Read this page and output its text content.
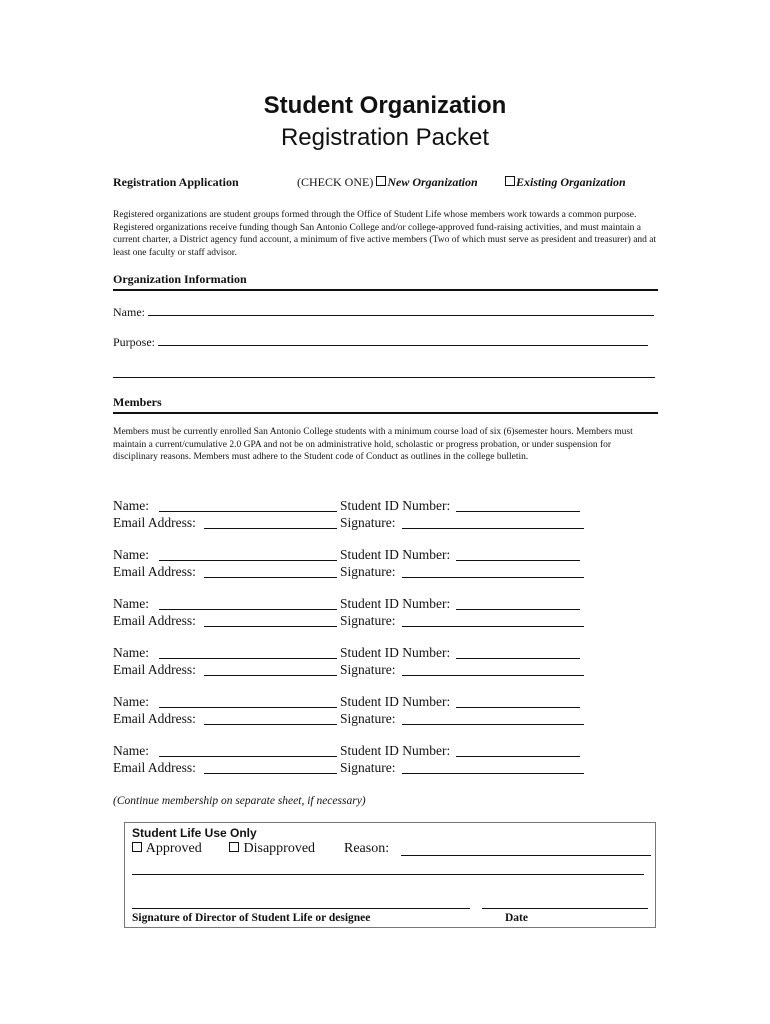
Student Organization
Registration Packet
Registration Application	(CHECK ONE) New Organization	Existing Organization
Registered organizations are student groups formed through the Office of Student Life whose members work towards a common purpose. Registered organizations receive funding though San Antonio College and/or college-approved fund-raising activities, and must maintain a current charter, a District agency fund account, a minimum of five active members (Two of which must serve as president and treasurer) and at least one faculty or staff advisor.
Organization Information
Name:
Purpose:
Members
Members must be currently enrolled San Antonio College students with a minimum course load of six (6)semester hours. Members must maintain a current/cumulative 2.0 GPA and not be on administrative hold, scholastic or progress probation, or under suspension for disciplinary reasons. Members must adhere to the Student code of Conduct as outlines in the college bulletin.
Name:	Student ID Number:
Email Address:	Signature:
Name:	Student ID Number:
Email Address:	Signature:
Name:	Student ID Number:
Email Address:	Signature:
Name:	Student ID Number:
Email Address:	Signature:
Name:	Student ID Number:
Email Address:	Signature:
Name:	Student ID Number:
Email Address:	Signature:
(Continue membership on separate sheet, if necessary)
Student Life Use Only
Approved	Disapproved Reason:
Signature of Director of Student Life or designee	Date
